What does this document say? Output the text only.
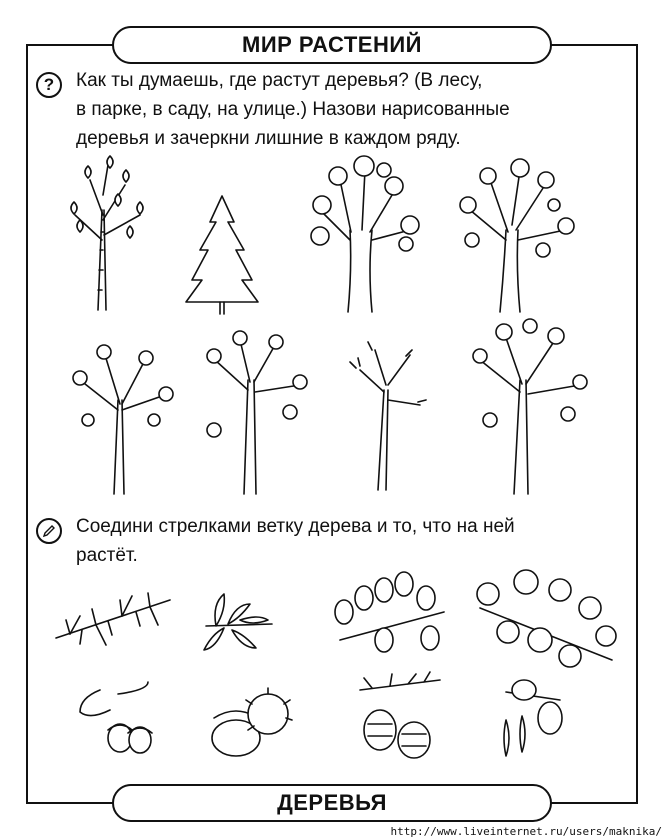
МИР РАСТЕНИЙ
? Как ты думаешь, где растут деревья? (В лесу,
в парке, в саду, на улице.) Назови нарисованные
деревья и зачеркни лишние в каждом ряду.
Соедини стрелками ветку дерева и то, что на ней
растёт.
ДЕРЕВЬЯ
http://www.liveinternet.ru/users/maknika/
